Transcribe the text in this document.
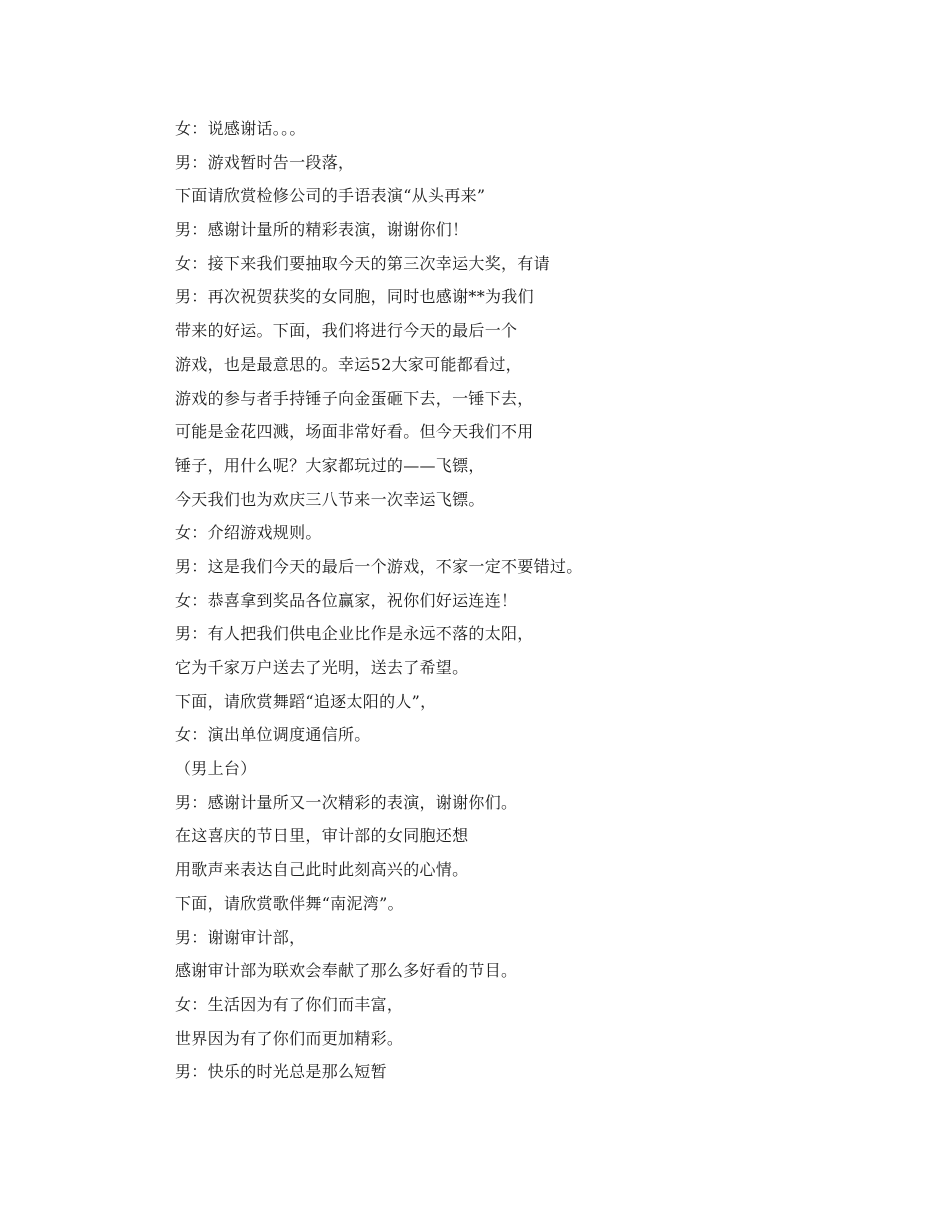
女：说感谢话。。。
男：游戏暂时告一段落，
下面请欣赏检修公司的手语表演“从头再来”
男：感谢计量所的精彩表演，谢谢你们！
女：接下来我们要抽取今天的第三次幸运大奖，有请
男：再次祝贺获奖的女同胞，同时也感谢**为我们
带来的好运。下面，我们将进行今天的最后一个
游戏，也是最意思的。幸运52大家可能都看过，
游戏的参与者手持锤子向金蛋砸下去，一锤下去，
可能是金花四溅，场面非常好看。但今天我们不用
锤子，用什么呢？大家都玩过的——飞镖，
今天我们也为欢庆三八节来一次幸运飞镖。
女：介绍游戏规则。
男：这是我们今天的最后一个游戏，不家一定不要错过。
女：恭喜拿到奖品各位赢家，祝你们好运连连！
男：有人把我们供电企业比作是永远不落的太阳，
它为千家万户送去了光明，送去了希望。
下面，请欣赏舞蹈“追逐太阳的人”，
女：演出单位调度通信所。
（男上台）
男：感谢计量所又一次精彩的表演，谢谢你们。
在这喜庆的节日里，审计部的女同胞还想
用歌声来表达自己此时此刻高兴的心情。
下面，请欣赏歌伴舞“南泥湾”。
男：谢谢审计部，
感谢审计部为联欢会奉献了那么多好看的节目。
女：生活因为有了你们而丰富，
世界因为有了你们而更加精彩。
男：快乐的时光总是那么短暂
